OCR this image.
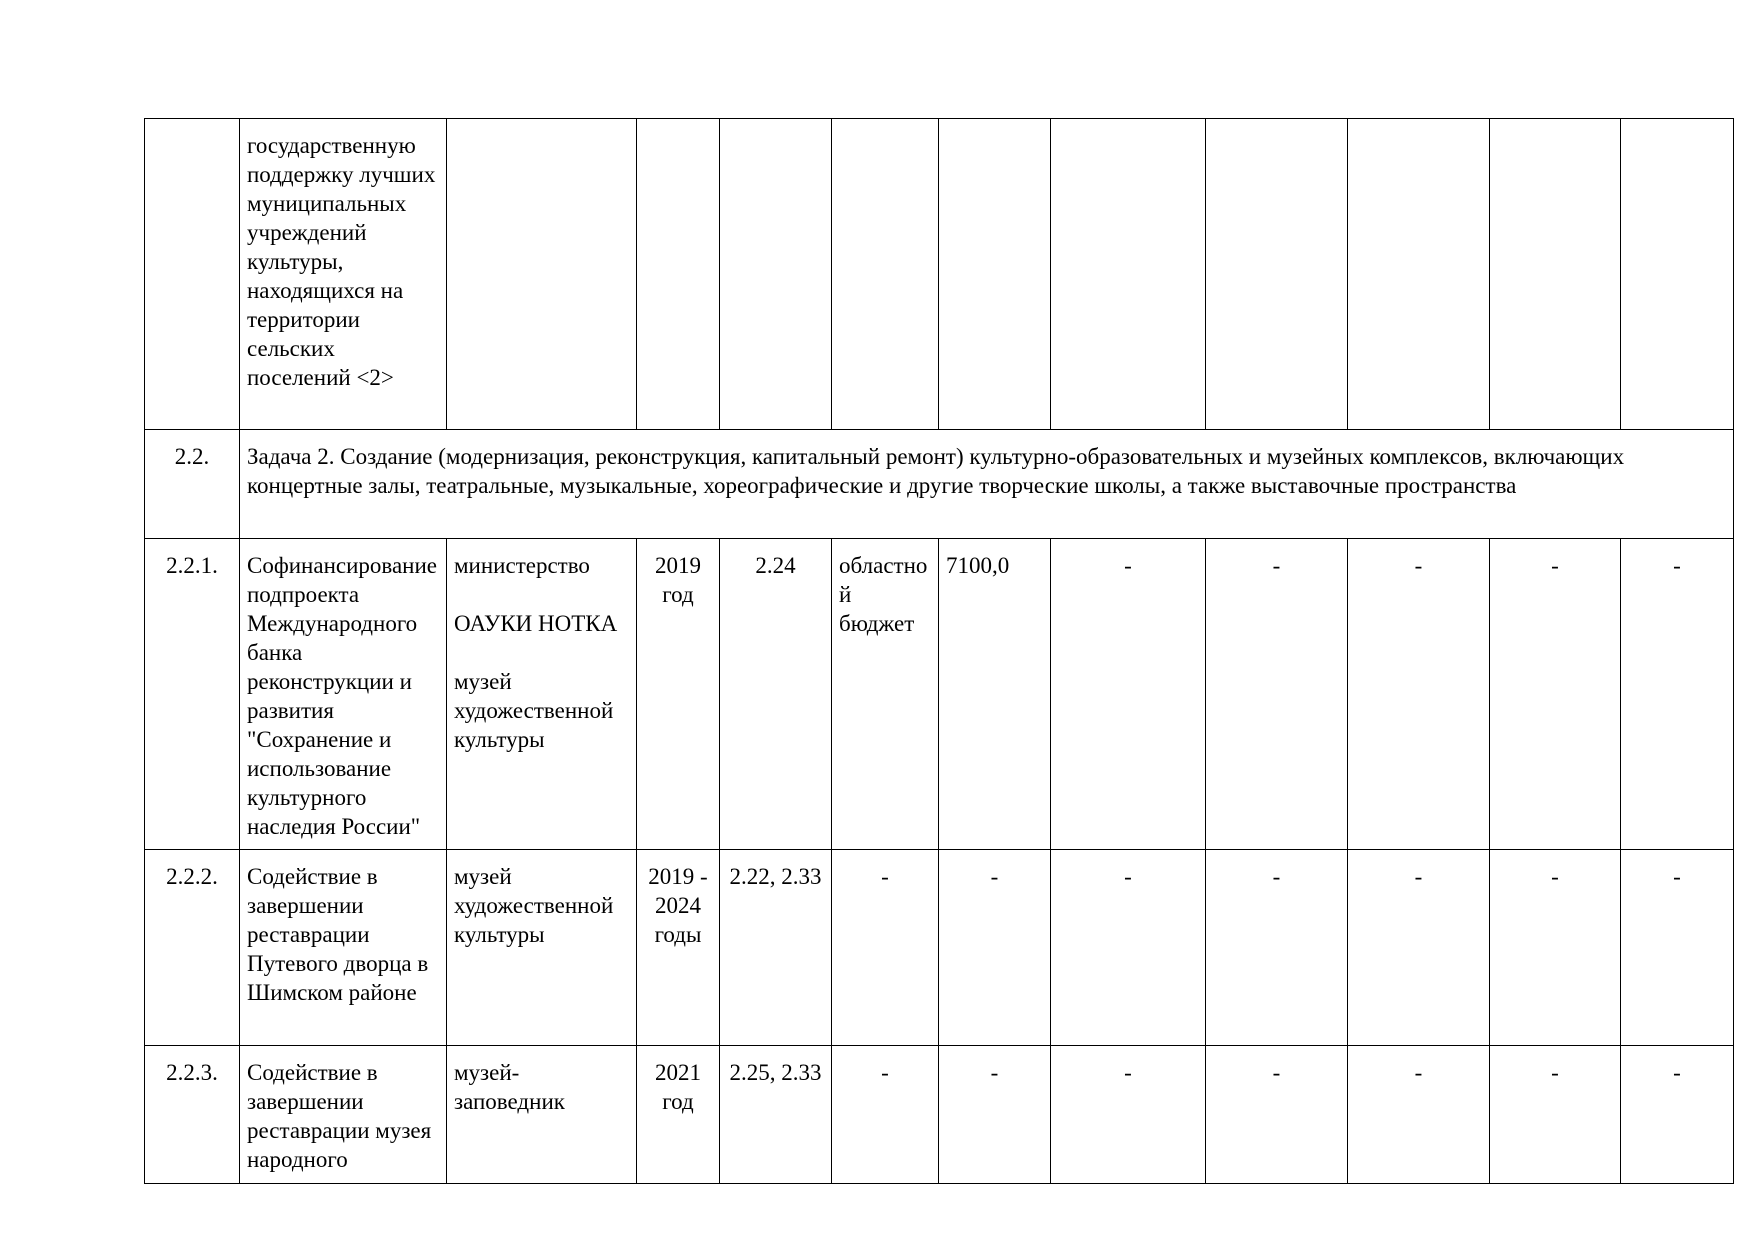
	государственную поддержку лучших муниципальных учреждений культуры, находящихся на территории сельских поселений <2>										
2.2.	Задача 2. Создание (модернизация, реконструкция, капитальный ремонт) культурно-образовательных и музейных комплексов, включающих концертные залы, театральные, музыкальные, хореографические и другие творческие школы, а также выставочные пространства										
2.2.1.	Софинансирование подпроекта Международного банка реконструкции и развития "Сохранение и использование культурного наследия России"	министерство

ОАУКИ НОТКА

музей художественной культуры	2019 год	2.24	областной бюджет	7100,0	-	-	-	-	-
2.2.2.	Содействие в завершении реставрации Путевого дворца в Шимском районе	музей художественной культуры	2019 - 2024 годы	2.22, 2.33	-	-	-	-	-	-	-
2.2.3.	Содействие в завершении реставрации музея народного	музей-заповедник	2021 год	2.25, 2.33	-	-	-	-	-	-	-
